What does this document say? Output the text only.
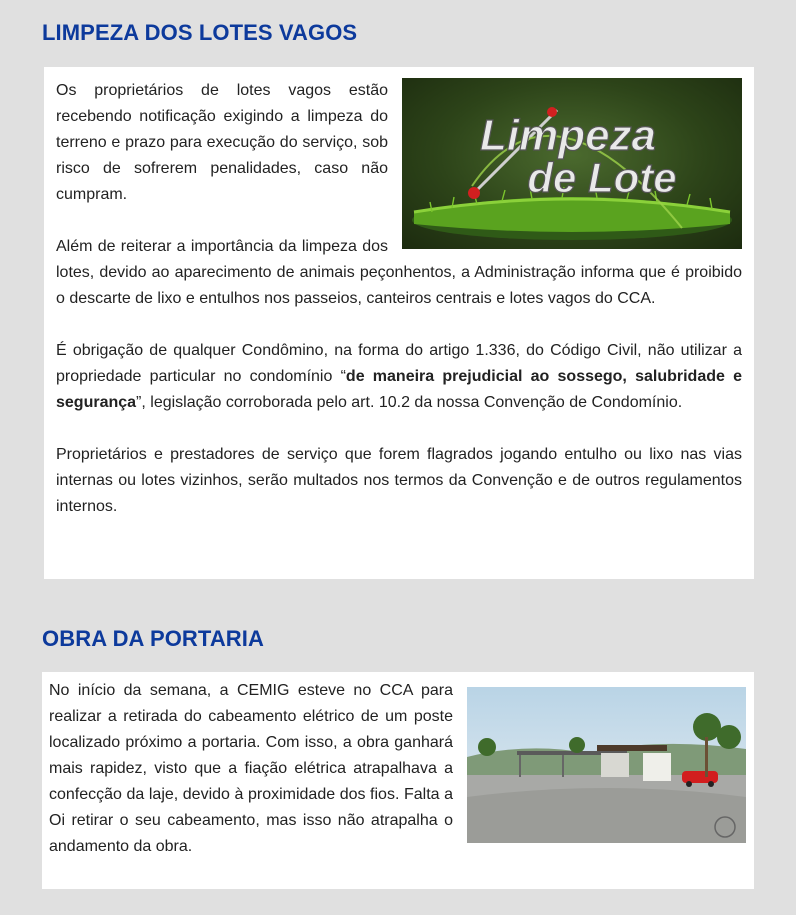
LIMPEZA DOS LOTES VAGOS
Limpeza
de Lote

Os proprietários de lotes vagos estão recebendo notificação exigindo a limpeza do terreno e prazo para execução do serviço, sob risco de sofrerem penalidades, caso não cumpram.

Além de reiterar a importância da limpeza dos lotes, devido ao aparecimento de animais peçonhentos, a Administração informa que é proibido o descarte de lixo e entulhos nos passeios, canteiros centrais e lotes vagos do CCA.

É obrigação de qualquer Condômino, na forma do artigo 1.336, do Código Civil, não utilizar a propriedade particular no condomínio “de maneira prejudicial ao sossego, salubridade e segurança”, legislação corroborada pelo art. 10.2 da nossa Convenção de Condomínio.

Proprietários e prestadores de serviço que forem flagrados jogando entulho ou lixo nas vias internas ou lotes vizinhos, serão multados nos termos da Convenção e de outros regulamentos internos.

OBRA DA PORTARIA

No início da semana, a CEMIG esteve no CCA para realizar a retirada do cabeamento elétrico de um poste localizado próximo a portaria. Com isso, a obra ganhará mais rapidez, visto que a fiação elétrica atrapalhava a confecção da laje, devido à proximidade dos fios. Falta a Oi retirar o seu cabeamento, mas isso não atrapalha o andamento da obra.
